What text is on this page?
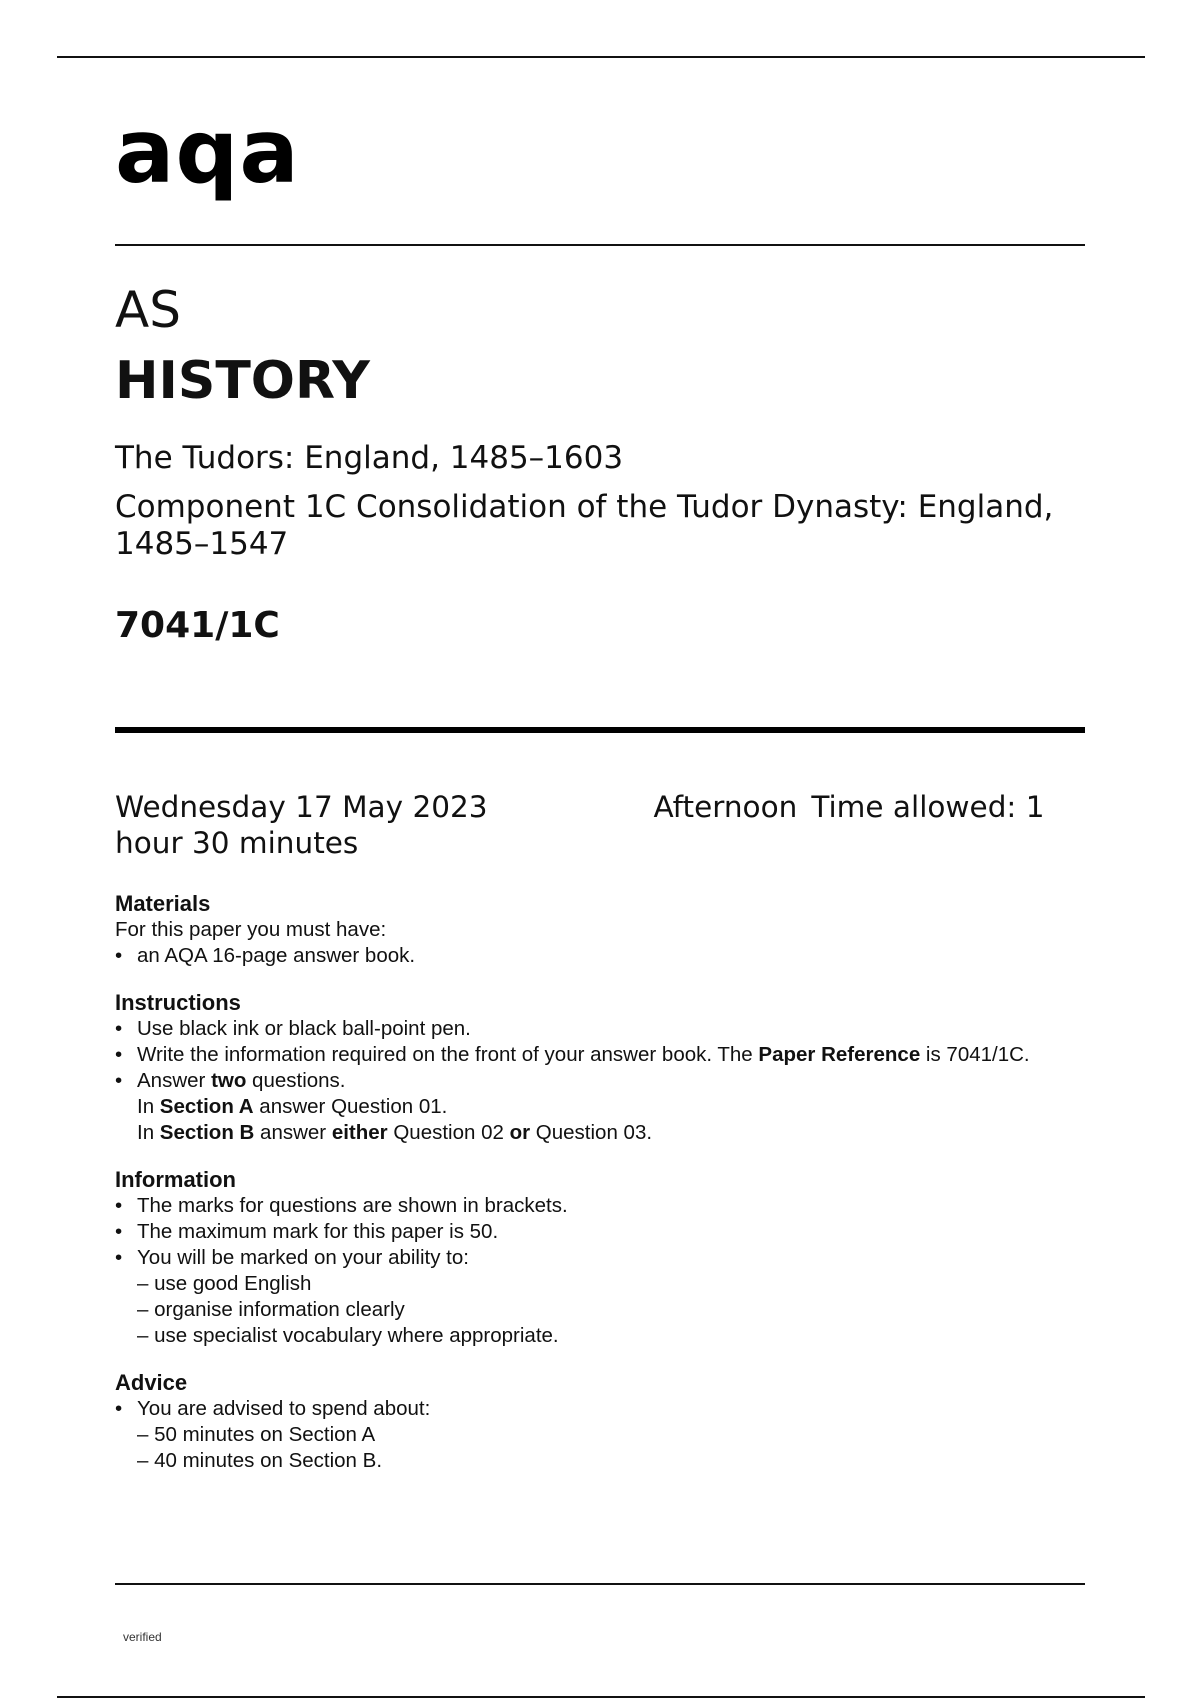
aqa
AS
HISTORY
The Tudors: England, 1485–1603
Component 1C Consolidation of the Tudor Dynasty: England, 1485–1547
7041/1C
Wednesday 17 May 2023	Afternoon Time allowed: 1 hour 30 minutes
Materials

For this paper you must have:

• an AQA 16-page answer book.
Instructions
• Use black ink or black ball-point pen.
• Write the information required on the front of your answer book. The Paper Reference is 7041/1C.
• Answer two questions.
In Section A answer Question 01.
In Section B answer either Question 02 or Question 03.
Information
• The marks for questions are shown in brackets.
• The maximum mark for this paper is 50.
• You will be marked on your ability to:
– use good English
– organise information clearly
– use specialist vocabulary where appropriate.
Advice
• You are advised to spend about:
– 50 minutes on Section A
– 40 minutes on Section B.
verified
